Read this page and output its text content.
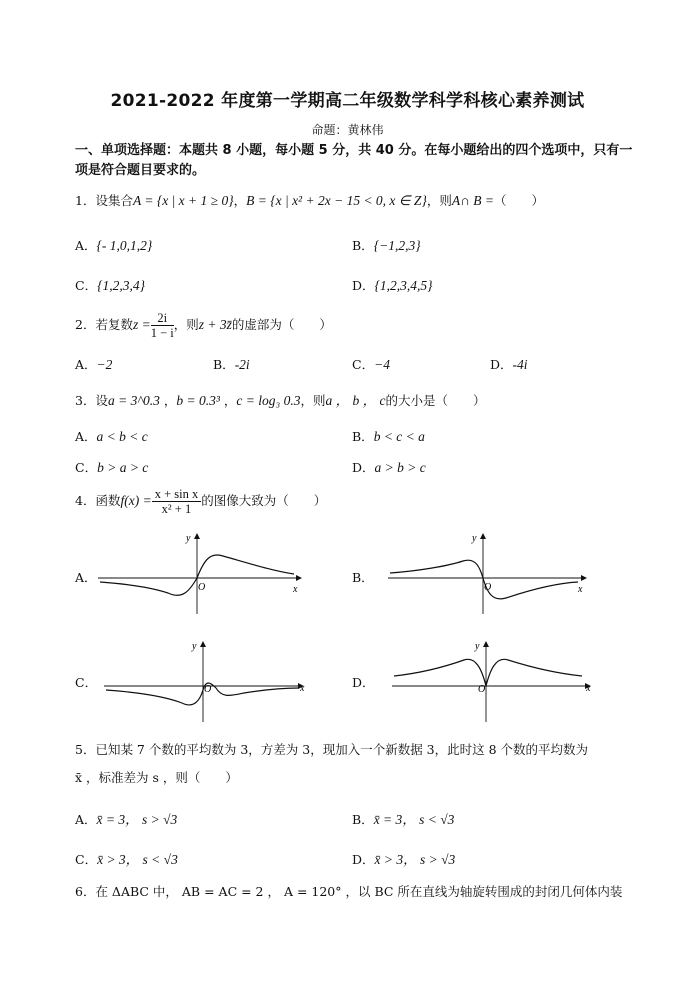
2021-2022 年度第一学期高二年级数学科学科核心素养测试
命题：黄林伟
一、单项选择题：本题共 8 小题，每小题 5 分，共 40 分。在每小题给出的四个选项中，只有一项是符合题目要求的。
1．设集合A = {x | x + 1 ≥ 0}，B = {x | x² + 2x − 15 < 0, x ∈ Z}，则A∩ B =（　　）
A．{- 1,0,1,2}	B．{−1,2,3}
C．{1,2,3,4}	D．{1,2,3,4,5}
2．若复数$z = \frac{2i}{1 - i}$ ，则z + 3z̄的虚部为（　　）
A．−2	B．-2i	C．−4	D．-4i
3．设a = 3^0.3 ，b = 0.3³ ，c = log₃ 0.3，则a ， b ， c的大小是（　　）
A．a < b < c	B．b < c < a
C．b > a > c	D．a > b > c
4．函数$f(x) = \frac{\text{x + sin x}}{\text{x² + 1}}$ 的图像大致为（　　）
A．	B．
C．	D．
y
x
O
y
x
O
y
x
O
y
x
O
5．已知某 7 个数的平均数为 3，方差为 3，现加入一个新数据 3，此时这 8 个数的平均数为
x̄ ，标准差为 s ，则（　　）
A．x̄ = 3， s > √3	B．x̄ = 3， s < √3
C．x̄ > 3， s < √3	D．x̄ > 3， s > √3
6．在 ΔABC 中， AB = AC = 2 ， A = 120° ，以 BC 所在直线为轴旋转围成的封闭几何体内装
